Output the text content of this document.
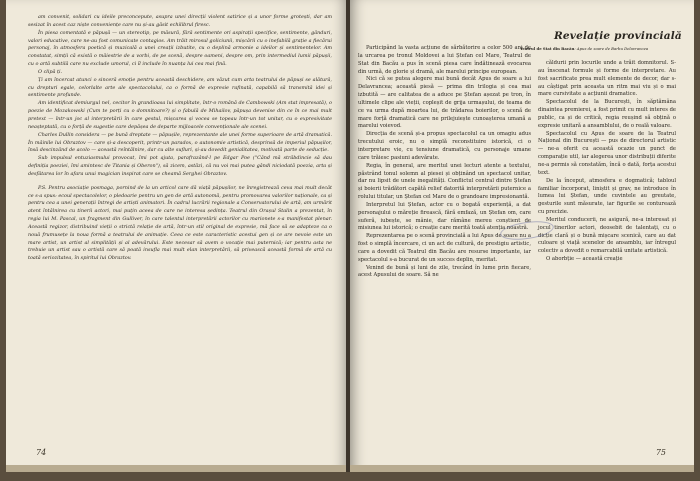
am convenit, solidari cu ideile preconcepute, asupra unei direcții violent satirice și a unor forme grotești, dar am sesizat în acest caz niște conveniențe care nu și-au găsit echilibrul firesc.

În piesa comentată e păpușă — un stereotip, pe măsură, fără sentimente ori aspirații specifice, sentimente, gânduri, valori educative, care ne-au fost comunicate contagios. Am trăit mirosul goliciunii, mișcării cu o inefabilă grație a fiecărui personaj, în atmosfera poetică și muzicală a unei creații izbutite, cu o deplină armonie a ideilor și sentimentelor. Am constatat, simții că există o măiestrie de a vorbi, de pe scenă, despre oameni, despre om, prin intermediul lumii păpușii, cu o artă subtilă care nu exclude umorul, ci îl include în nuanța lui cea mai fină.

O clipă ți.

Ți am încercat atunci o sinceră emoție pentru această deschidere, am văzut cum arta teatrului de păpuși se alătură, cu drepturi egale, celorlalte arte ale spectacolului, ca o formă de expresie rafinată, capabilă să transmită idei și sentimente profunde.

Am identificat demiurgul nel, cecitor în grandioasa lui simplitate, într-o română de Cambowski (Am stat impresată), o poezie de Mozakowski (Cum te porți cu o domnitoare?) și o fabulă de Mihailov, păpușa devenise din ce în ce mai mult pretext — într-un joc al interpretării în care gestul, mișcarea și vocea se topeau într-un tot unitar, cu o expresivitate neașteptată, cu o forță de sugestie care depășea de departe mijloacele convenționale ale scenei.

Charles Dullin considera — pe bună dreptate — păpușile, reprezentante ale unei forme superioare de artă dramatică. În mâinile lui Obraztov — care și-a descoperit, printr-un paradox, o autonomie artistică, desprinsă de imperiul păpușilor, însă descinzând de acolo — această reîntâlnire, dar cu alte sufluri, și-au dovedit genialitatea, motivată parte de seducție.

Sub impulsul entuziasmului provocat, îmi pot ajuta, parafrazând-l pe Edgar Poe ("Când mă strâbdincie să dau definiția poeziei, îmi amintesc de Titania și Oberon"), să zicem, astăzi, că nu voi mai putea gândi niciodată poezia, arta și desfătarea lor în afara unui magician inspirat care se cheamă Serghei Obraztov.

P.S. Pentru asociație posmaga, pornind de la un articol care dă viață păpușilor, ne înregistrează ceva mai mult decât ce s-a spus: ecoul spectacolelor, o pledoarie pentru un gen de artă autonomă, pentru promovarea valorilor naționale, ca și pentru cea a unei generații întregi de artiști animatori. În cadrul lucrării regionale a Conservatorului de artă, am urmărit atent întâlnirea cu tinerii actori, mai puțin aceea de care ne interesa ședința. Teatrul din Orașul Stalin a prezentat, în regia lui M. Pascal, un fragment din Gulliver, în care talentul interpretării actorilor cu marionete s-a manifestat plenar. Această regizor, distribuind vieții o strictă relație de artă, într-un stil original de expresie, mă face să se adapteze ca o nouă frumusețe la noua formă a teatrului de animație. Ceea ce este caracteristic acestui gen și ce are nevoie este un mare artist, un artist al simplității și al adevărului. Este necesar să avem o vocație mai puternică; iar pentru asta ne trebuie un artist sau o artistă care să poată insufla mai mult elan interpretării, să privească această formă de artă cu toată seriozitatea, în spiritul lui Obraztov.

74
Revelație provincială
Teatrul de Stat din Bacău: Apus de soare de Barbu Delavrancea

Participând la vasta acțiune de sărbătorire a celor 500 ani de la urcarea pe tronul Moldovei a lui Ștefan cel Mare, Teatrul de Stat din Bacău a pus în scenă piesa care îndătinează evocarea din urmă, de glorie și dramă, ale marelui principe european.

Nici că se putea alegere mai bună decât Apus de soare a lui Delavrancea; această piesă — prima din trilogia și cea mai izbutită — are calitatea de a aduce pe Ștefan așezat pe tron, în ultimele clipe ale vieții, copleșit de grija urmașului, de teama de ce va urma după moartea lui, de trădarea boierilor, o scenă de mare forță dramatică care ne prilejuiește cunoașterea umană a marelui voievod.

Direcția de scenă și-a propus spectacolul ca un omagiu adus trecutului eroic, nu o simplă reconstituire istorică, ci o interpretare vie, cu tensiune dramatică, cu personaje umane care trăiesc pasiuni adevărate.

Regia, în general, are meritul unei lecturi atente a textului, păstrând tonul solemn al piesei și obținând un spectacol unitar, dar nu lipsit de unele inegalități. Conflictul central dintre Ștefan și boierii trădători capătă relief datorită interpretării puternice a rolului titular, un Ștefan cel Mare de o grandoare impresionantă.

Interpretul lui Ștefan, actor cu o bogată experiență, a dat personajului o măreție firească, fără emfază, un Ștefan om, care suferă, iubește, se mânie, dar rămâne mereu conștient de misiunea lui istorică; o creație care merită toată atenția noastră.

Reprezentarea pe o scenă provincială a lui Apus de soare nu a fost o simplă încercare, ci un act de cultură, de prestigiu artistic, care a dovedit că Teatrul din Bacău are resurse importante, iar spectacolul s-a bucurat de un succes deplin, meritat.

Venind de bună și luni de zile, trecând în lume prin fiecare, acest Apusului de soare. Să ne

căldurii prin locurile unde a trăit domnitorul. S-au înscenat formule și forme de interpretare. Au fost sacrificate prea mult elemente de decor, dar s-au câștigat prin aceasta un ritm mai viu și o mai mare cursivitate a acțiunii dramatice.

Spectacolul de la București, în săptămâna dinaintea premierei, a fost primit cu mult interes de public, ca și de critică, regia reușind să obțină o expresie unitară a ansamblului, de o reală valoare.

Spectacolul cu Apus de soare de la Teatrul Național din București — pus de directorul artistic — ne-a oferit cu această ocazie un punct de comparație util, iar alegerea unor distribuții diferite ne-a permis să constatăm, încă o dată, forța acestui text.

De la început, atmosfera e dogmatică; tabloul familiar încorporat, liniștit și grav, ne introduce în lumea lui Ștefan, unde cuvintele au greutate, gesturile sunt măsurate, iar figurile se conturează cu precizie.

Meritul conducerii, ne asigură, ne-a interesat și jocul tinerilor actori, deosebit de talentați, cu o dicție clară și o bună mișcare scenică, care au dat culoare și viață scenelor de ansamblu, iar întregul colectiv a dovedit o remarcabilă unitate artistică.

O aborbție — această creație

75
